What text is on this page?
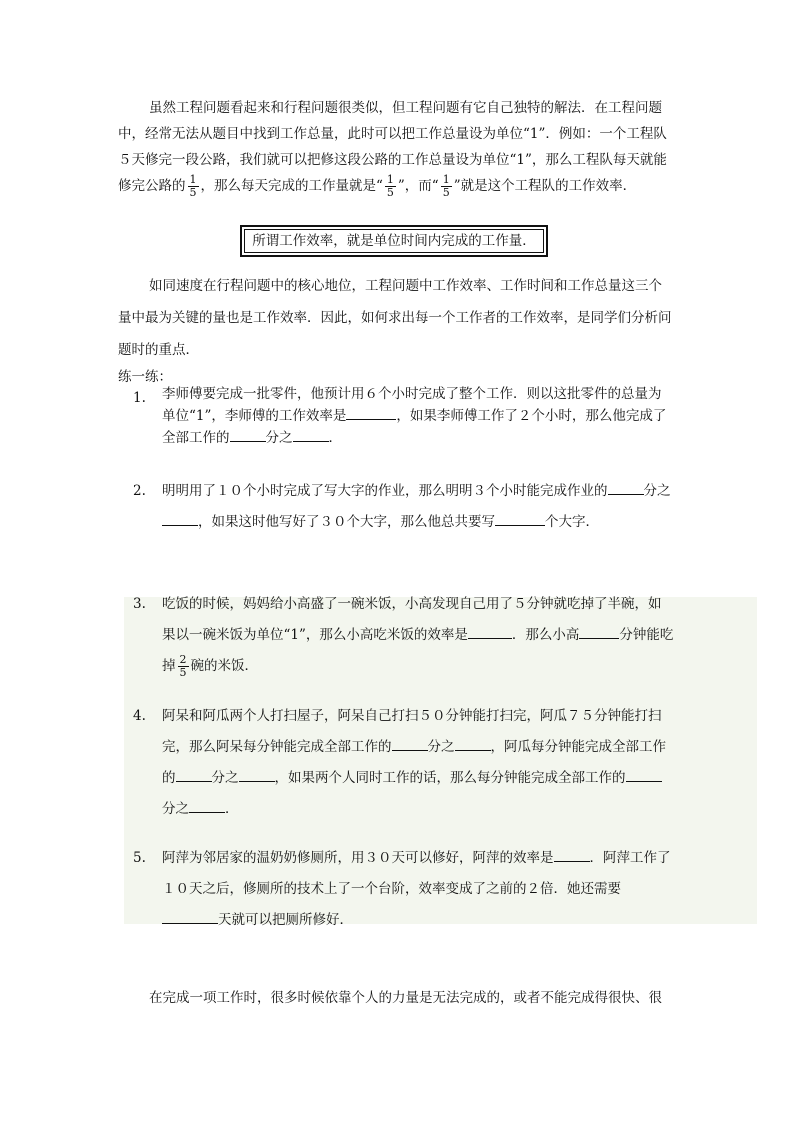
虽然工程问题看起来和行程问题很类似，但工程问题有它自己独特的解法．在工程问题中，经常无法从题目中找到工作总量，此时可以把工作总量设为单位“1”．例如：一个工程队５天修完一段公路，我们就可以把修这段公路的工作总量设为单位“1”，那么工程队每天就能修完公路的 $\frac{1}{5}$ ，那么每天完成的工作量就是“ $\frac{1}{5}$ ”，而“ $\frac{1}{5}$ ”就是这个工程队的工作效率．
所谓工作效率，就是单位时间内完成的工作量．
如同速度在行程问题中的核心地位，工程问题中工作效率、工作时间和工作总量这三个量中最为关键的量也是工作效率．因此，如何求出每一个工作者的工作效率，是同学们分析问题时的重点．
练一练：
1. 李师傅要完成一批零件，他预计用６个小时完成了整个工作．则以这批零件的总量为单位“1”，李师傅的工作效率是	，如果李师傅工作了２个小时，那么他完成了全部工作的	分之	．
2. 明明用了１０个小时完成了写大字的作业，那么明明３个小时能完成作业的	分之，如果这时他写好了３０个大字，那么他总共要写	个大字．
3. 吃饭的时候，妈妈给小高盛了一碗米饭，小高发现自己用了５分钟就吃掉了半碗，如果以一碗米饭为单位“1”，那么小高吃米饭的效率是	．那么小高	分钟能吃掉 $\frac{2}{5}$ 碗的米饭．
4. 阿呆和阿瓜两个人打扫屋子，阿呆自己打扫５０分钟能打扫完，阿瓜７５分钟能打扫完，那么阿呆每分钟能完成全部工作的	分之	，阿瓜每分钟能完成全部工作的	分之	，如果两个人同时工作的话，那么每分钟能完成全部工作的分之	．
5. 阿萍为邻居家的温奶奶修厕所，用３０天可以修好，阿萍的效率是	．阿萍工作了１０天之后，修厕所的技术上了一个台阶，效率变成了之前的２倍．她还需要天就可以把厕所修好．
在完成一项工作时，很多时候依靠个人的力量是无法完成的，或者不能完成得很快、很
